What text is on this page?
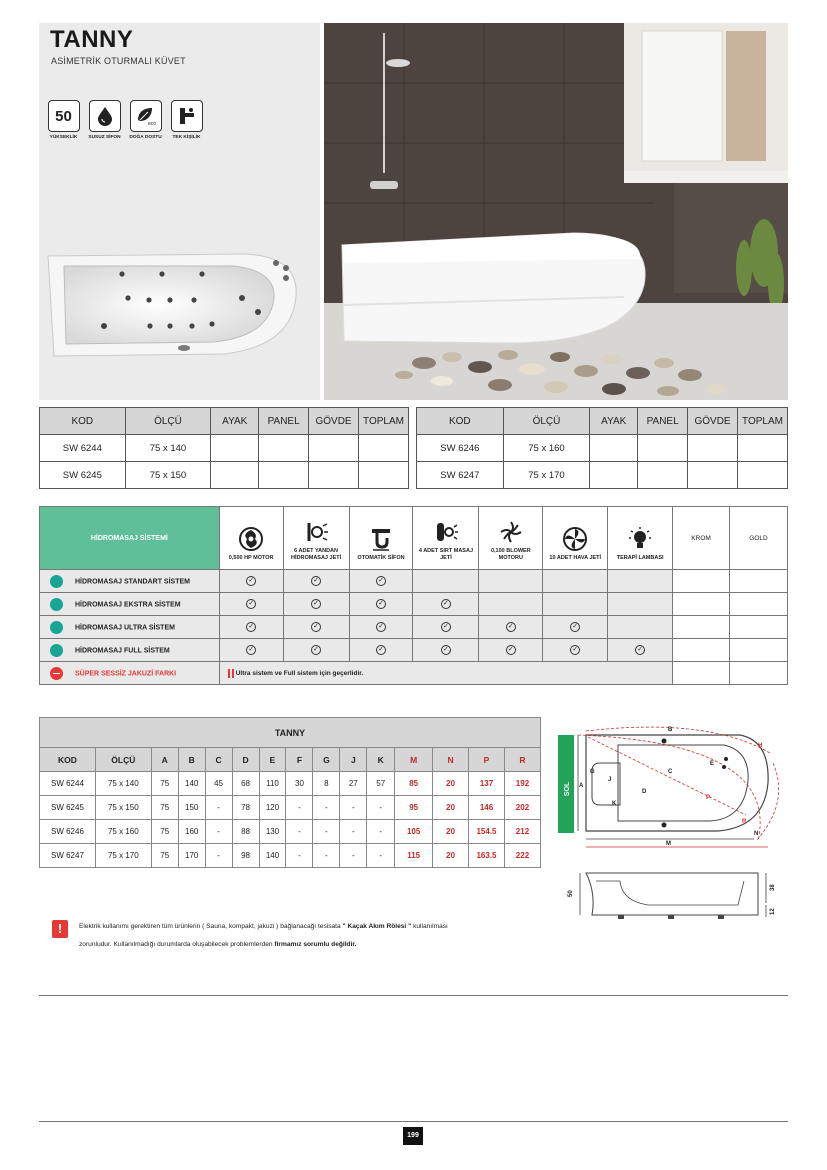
TANNY
ASİMETRİK OTURMALI KÜVET
50
YÜKSEKLİK	SUSUZ SİFON
eco
DOĞA DOSTU	TEK KİŞİLİK
KOD	ÖLÇÜ	AYAK	PANEL	GÖVDE	TOPLAM
SW 6244	75 x 140				
SW 6245	75 x 150				
KOD	ÖLÇÜ	AYAK	PANEL	GÖVDE	TOPLAM
SW 6246	75 x 160				
SW 6247	75 x 170				
HİDROMASAJ SİSTEMİ	0,500 HP MOTOR	6 ADET YANDAN HİDROMASAJ JETİ	OTOMATİK SİFON	4 ADET SIRT MASAJ JETİ	0,100 BLOWER MOTORU	10 ADET HAVA JETİ	TERAPİ LAMBASI	KROM	GOLD
HİDROMASAJ STANDART SİSTEM	✓	✓	✓						
HİDROMASAJ EKSTRA SİSTEM	✓	✓	✓	✓					
HİDROMASAJ ULTRA SİSTEM	✓	✓	✓	✓	✓	✓			
HİDROMASAJ FULL SİSTEM	✓	✓	✓	✓	✓	✓	✓		
SÜPER SESSİZ JAKUZİ FARKI	Ultra sistem ve Full sistem için geçerlidir.								
TANNY														
KOD	ÖLÇÜ	A	B	C	D	E	F	G	J	K	M	N	P	R
SW 6244	75 x 140	75	140	45	68	110	30	8	27	57	85	20	137	192
SW 6245	75 x 150	75	150	-	78	120	-	-	-	-	95	20	146	202
SW 6246	75 x 160	75	160	-	88	130	-	-	-	-	105	20	154.5	212
SW 6247	75 x 170	75	170	-	98	140	-	-	-	-	115	20	163.5	222
SOL
B
H
P
C
E
J
G
A
D
K
R
M
N
50
38
12
!	Elektrik kullanımı gerektiren tüm ürünlerin ( Sauna, kompakt, jakuzi ) bağlanacağı tesisata " Kaçak Akım Rölesi " kullanılması
zorunludur. Kullanılmadığı durumlarda oluşabilecek problemlerden firmamız sorumlu değildir.
199
